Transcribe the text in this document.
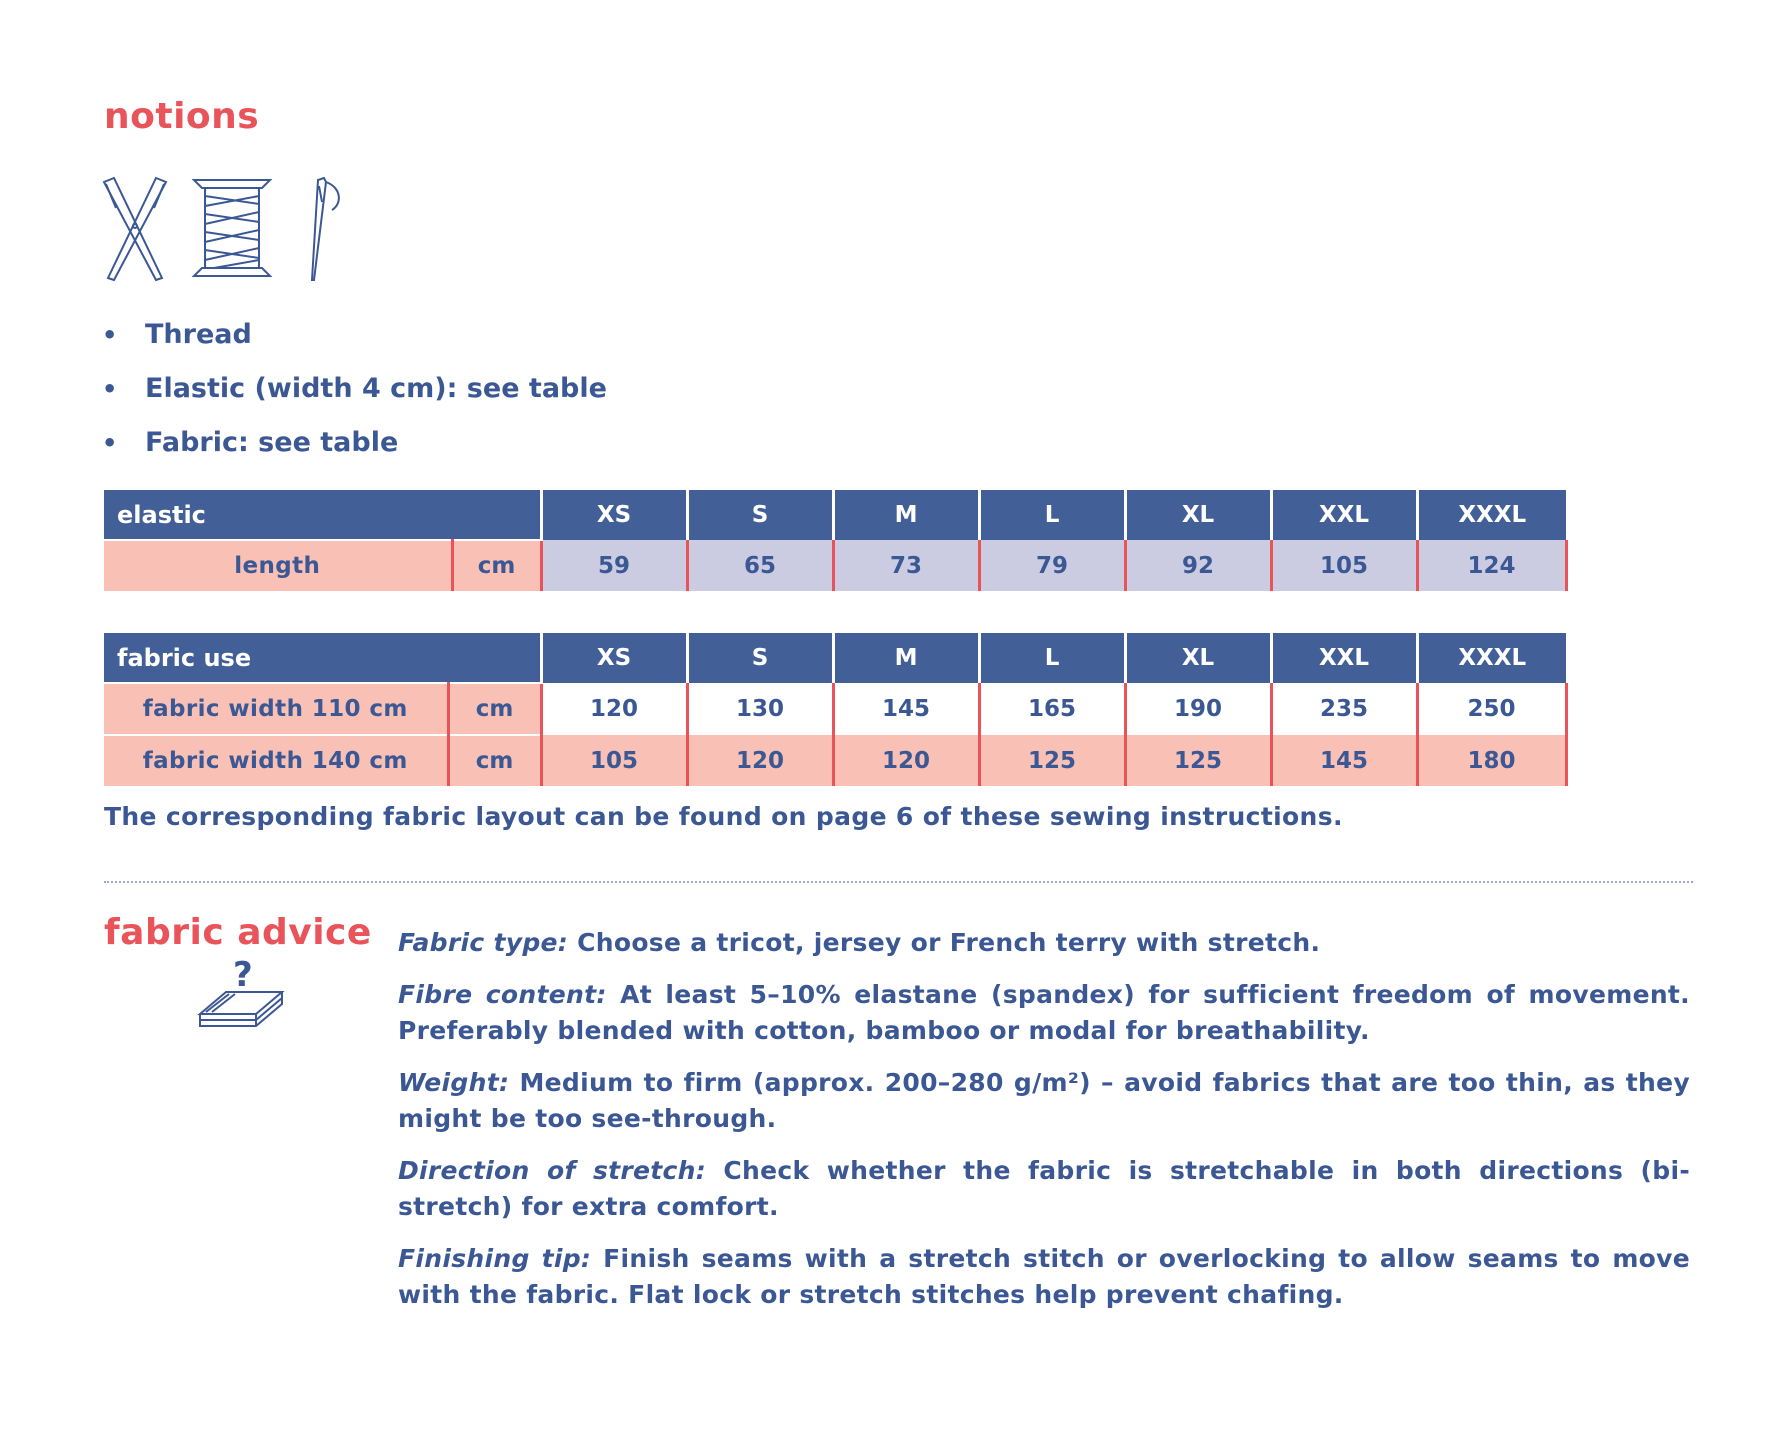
notions
• Thread
• Elastic (width 4 cm): see table
• Fabric: see table
elastic		XS	S	M	L	XL	XXL	XXXL
length	cm	59	65	73	79	92	105	124
fabric use		XS	S	M	L	XL	XXL	XXXL
fabric width 110 cm	cm	120	130	145	165	190	235	250
fabric width 140 cm	cm	105	120	120	125	125	145	180
The corresponding fabric layout can be found on page 6 of these sewing instructions.
fabric advice
?

Fabric type: Choose a tricot, jersey or French terry with stretch.

Fibre content: At least 5–10% elastane (spandex) for sufficient freedom of movement. Preferably blended with cotton, bamboo or modal for breathability.

Weight: Medium to firm (approx. 200–280 g/m²) – avoid fabrics that are too thin, as they might be too see-through.

Direction of stretch: Check whether the fabric is stretchable in both directions (bi-stretch) for extra comfort.

Finishing tip: Finish seams with a stretch stitch or overlocking to allow seams to move with the fabric. Flat lock or stretch stitches help prevent chafing.
